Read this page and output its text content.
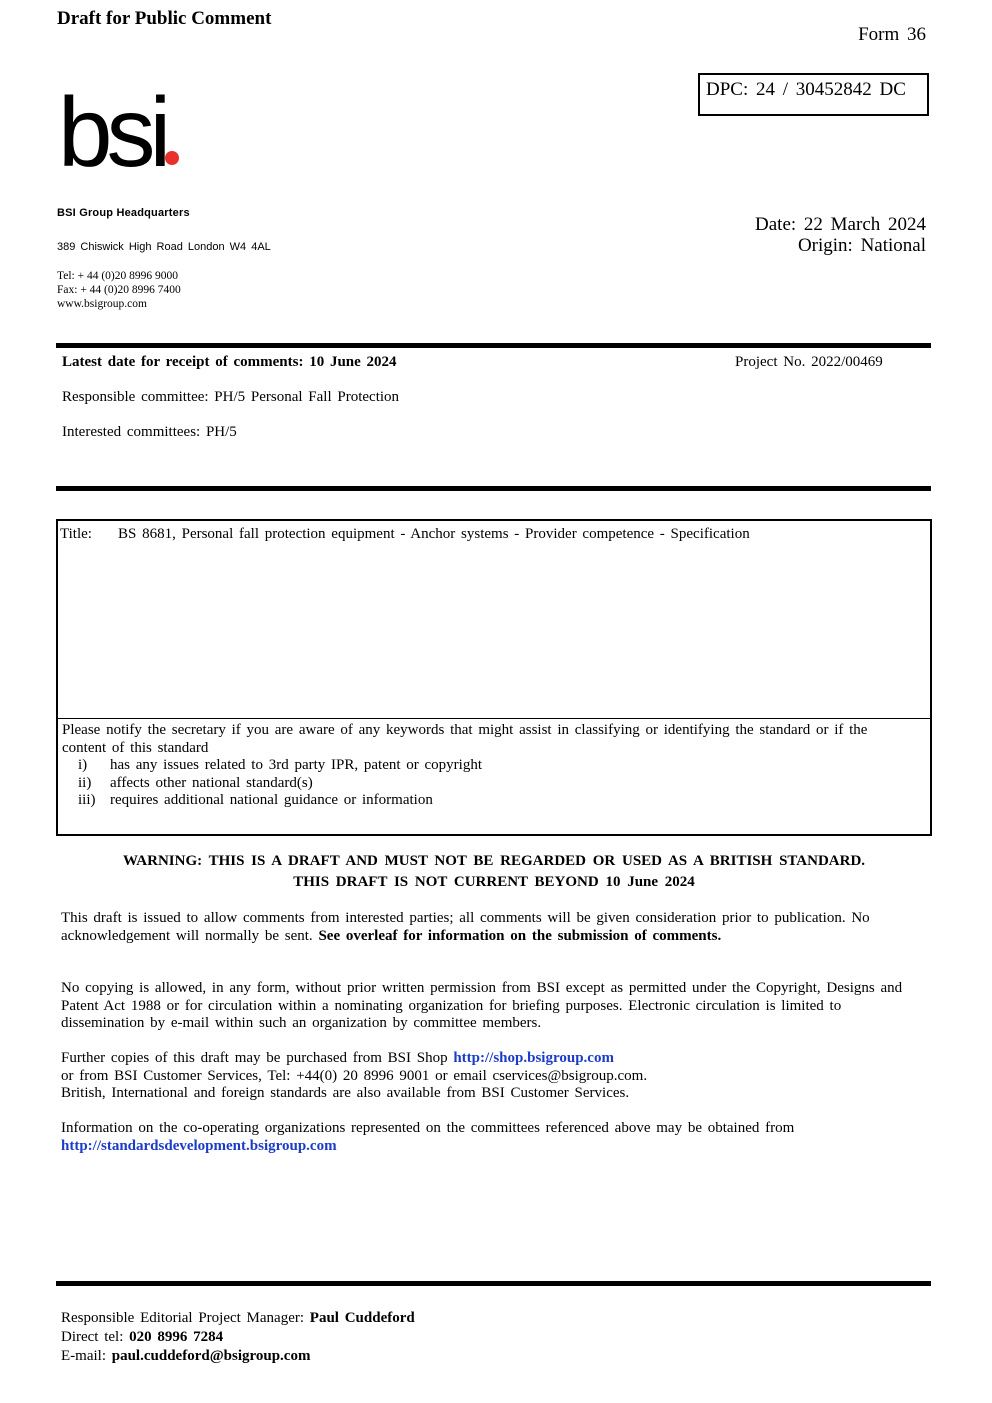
Draft for Public Comment
Form 36
DPC: 24 / 30452842 DC
bsi
BSI Group Headquarters
389 Chiswick High Road London W4 4AL
Tel: + 44 (0)20 8996 9000
Fax: + 44 (0)20 8996 7400
www.bsigroup.com
Date: 22 March 2024
Origin: National
Latest date for receipt of comments: 10 June 2024	Project No. 2022/00469
Responsible committee: PH/5 Personal Fall Protection
Interested committees: PH/5
Title: BS 8681, Personal fall protection equipment - Anchor systems - Provider competence - Specification
Please notify the secretary if you are aware of any keywords that might assist in classifying or identifying the standard or if the content of this standard
i) has any issues related to 3rd party IPR, patent or copyright
ii) affects other national standard(s)
iii) requires additional national guidance or information
WARNING: THIS IS A DRAFT AND MUST NOT BE REGARDED OR USED AS A BRITISH STANDARD.
THIS DRAFT IS NOT CURRENT BEYOND 10 June 2024
This draft is issued to allow comments from interested parties; all comments will be given consideration prior to publication. No acknowledgement will normally be sent. See overleaf for information on the submission of comments.
No copying is allowed, in any form, without prior written permission from BSI except as permitted under the Copyright, Designs and Patent Act 1988 or for circulation within a nominating organization for briefing purposes. Electronic circulation is limited to dissemination by e-mail within such an organization by committee members.
Further copies of this draft may be purchased from BSI Shop http://shop.bsigroup.com
or from BSI Customer Services, Tel: +44(0) 20 8996 9001 or email cservices@bsigroup.com.
British, International and foreign standards are also available from BSI Customer Services.
Information on the co-operating organizations represented on the committees referenced above may be obtained from http://standardsdevelopment.bsigroup.com
Responsible Editorial Project Manager: Paul Cuddeford
Direct tel: 020 8996 7284
E-mail: paul.cuddeford@bsigroup.com
